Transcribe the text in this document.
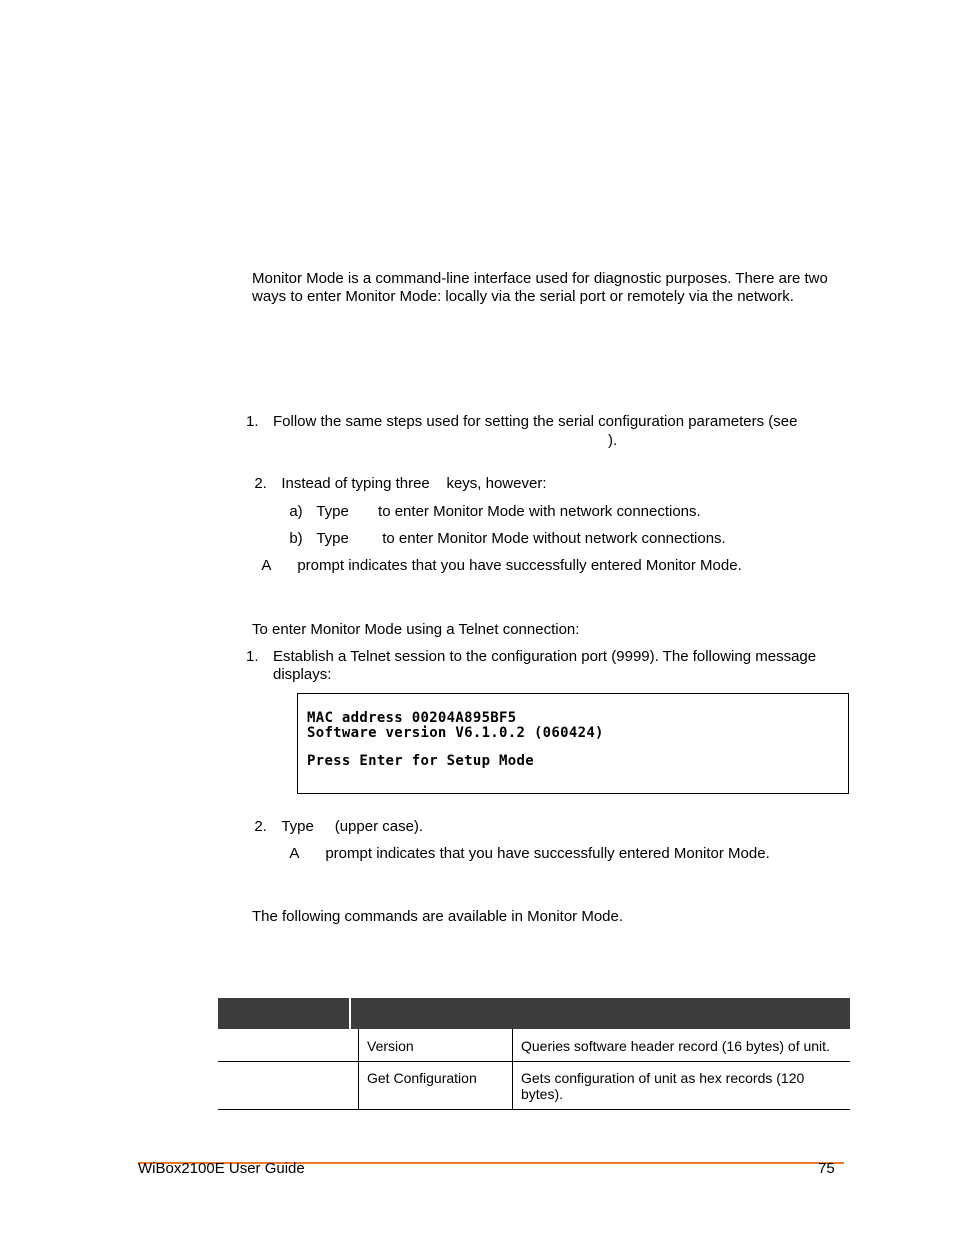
Monitor Mode is a command-line interface used for diagnostic purposes. There are two ways to enter Monitor Mode: locally via the serial port or remotely via the network.
1. Follow the same steps used for setting the serial configuration parameters (see
).

2. Instead of typing three    keys, however:

a) Type       to enter Monitor Mode with network connections.

b) Type        to enter Monitor Mode without network connections.

A prompt indicates that you have successfully entered Monitor Mode.

To enter Monitor Mode using a Telnet connection:
1. Establish a Telnet session to the configuration port (9999). The following message displays:
MAC address 00204A895BF5
Software version V6.1.0.2 (060424)
Press Enter for Setup Mode

2. Type     (upper case).

A prompt indicates that you have successfully entered Monitor Mode.

The following commands are available in Monitor Mode.
Version	Queries software header record (16 bytes) of unit.
Get Configuration	Gets configuration of unit as hex records (120 bytes).
WiBox2100E User Guide	75
